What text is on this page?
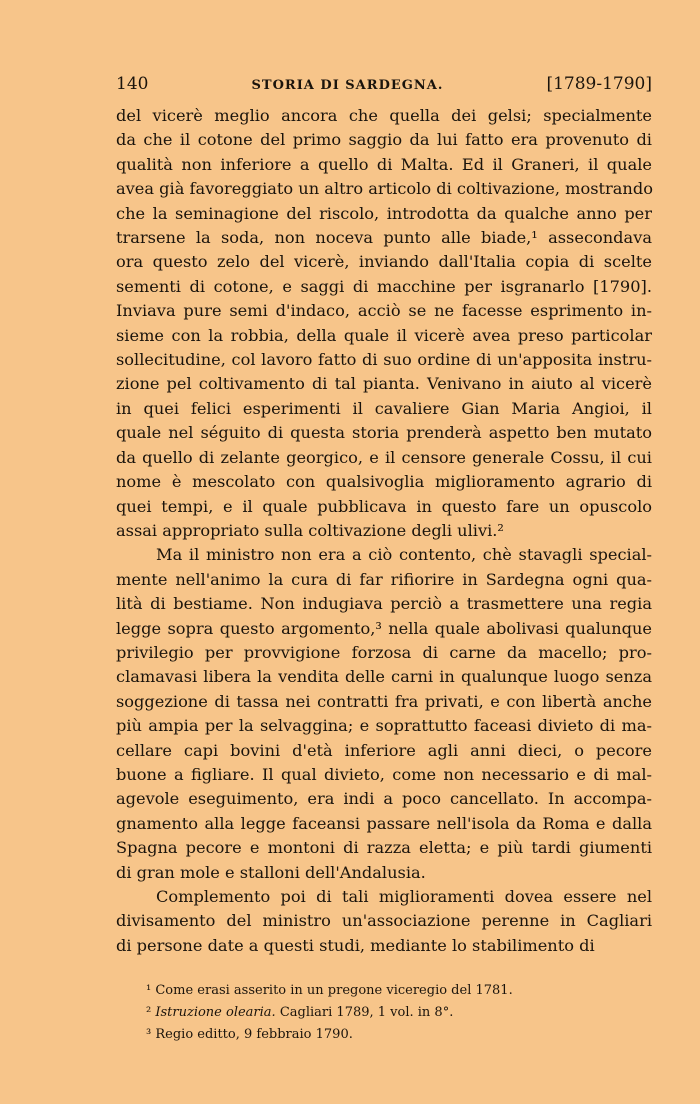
140	STORIA DI SARDEGNA.	[1789-1790]

del vicerè meglio ancora che quella dei gelsi; specialmente
da che il cotone del primo saggio da lui fatto era provenuto di
qualità non inferiore a quello di Malta. Ed il Graneri, il quale
avea già favoreggiato un altro articolo di coltivazione, mostrando
che la seminagione del riscolo, introdotta da qualche anno per
trarsene la soda, non noceva punto alle biade,¹ assecondava
ora questo zelo del vicerè, inviando dall'Italia copia di scelte
sementi di cotone, e saggi di macchine per isgranarlo [1790].
Inviava pure semi d'indaco, acciò se ne facesse esprimento in-
sieme con la robbia, della quale il vicerè avea preso particolar
sollecitudine, col lavoro fatto di suo ordine di un'apposita instru-
zione pel coltivamento di tal pianta. Venivano in aiuto al vicerè
in quei felici esperimenti il cavaliere Gian Maria Angioi, il
quale nel séguito di questa storia prenderà aspetto ben mutato
da quello di zelante georgico, e il censore generale Cossu, il cui
nome è mescolato con qualsivoglia miglioramento agrario di
quei tempi, e il quale pubblicava in questo fare un opuscolo
assai appropriato sulla coltivazione degli ulivi.²

Ma il ministro non era a ciò contento, chè stavagli special-
mente nell'animo la cura di far rifiorire in Sardegna ogni qua-
lità di bestiame. Non indugiava perciò a trasmettere una regia
legge sopra questo argomento,³ nella quale abolivasi qualunque
privilegio per provvigione forzosa di carne da macello; pro-
clamavasi libera la vendita delle carni in qualunque luogo senza
soggezione di tassa nei contratti fra privati, e con libertà anche
più ampia per la selvaggina; e soprattutto faceasi divieto di ma-
cellare capi bovini d'età inferiore agli anni dieci, o pecore
buone a figliare. Il qual divieto, come non necessario e di mal-
agevole eseguimento, era indi a poco cancellato. In accompa-
gnamento alla legge faceansi passare nell'isola da Roma e dalla
Spagna pecore e montoni di razza eletta; e più tardi giumenti
di gran mole e stalloni dell'Andalusia.

Complemento poi di tali miglioramenti dovea essere nel
divisamento del ministro un'associazione perenne in Cagliari
di persone date a questi studi, mediante lo stabilimento di

¹ Come erasi asserito in un pregone viceregio del 1781.
² Istruzione olearia. Cagliari 1789, 1 vol. in 8°.
³ Regio editto, 9 febbraio 1790.
